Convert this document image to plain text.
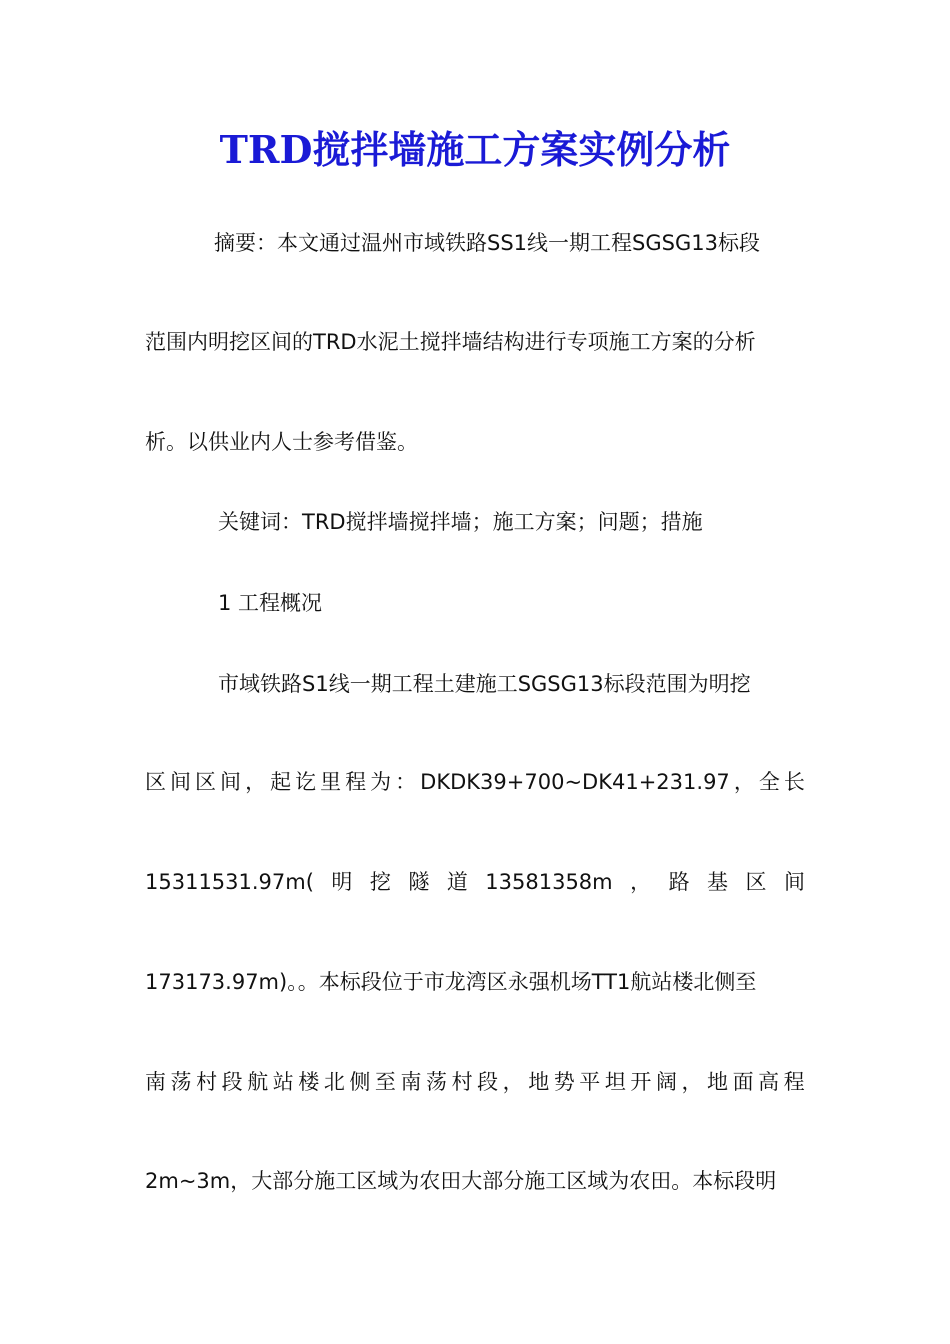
TRD搅拌墙施工方案实例分析

摘要：本文通过温州市域铁路SS1线一期工程SGSG13标段

范围内明挖区间的TRD水泥土搅拌墙结构进行专项施工方案的分析

析。以供业内人士参考借鉴。

关键词：TRD搅拌墙搅拌墙；施工方案；问题；措施

1 工程概况

市域铁路S1线一期工程土建施工SGSG13标段范围为明挖

区 间 区 间 ， 起 讫 里 程 为 ： DKDK39+700~DK41+231.97 ， 全 长

15311531.97m( 明 挖 隧 道 13581358m ， 路 基 区 间

173173.97m)。。本标段位于市龙湾区永强机场TT1航站楼北侧至

南 荡 村 段 航 站 楼 北 侧 至 南 荡 村 段 ， 地 势 平 坦 开 阔 ， 地 面 高 程

2m~3m，大部分施工区域为农田大部分施工区域为农田。本标段明
